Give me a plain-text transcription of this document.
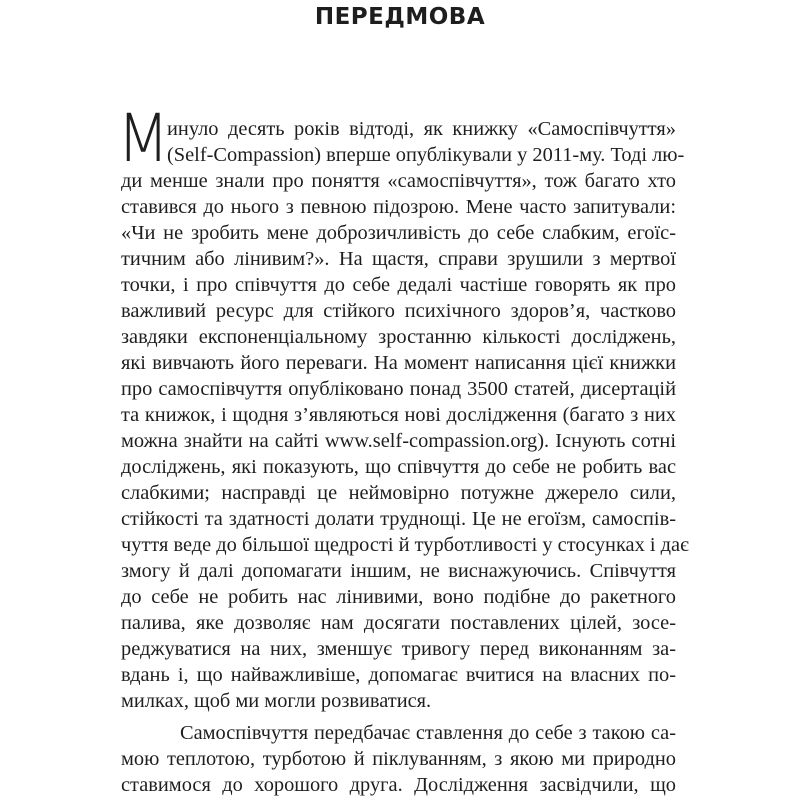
ПЕРЕДМОВА
М
инуло десять років відтоді, як книжку «Самоспівчуття»
(Self-Compassion) вперше опублікували у 2011-му. Тоді лю-
ди менше знали про поняття «самоспівчуття», тож багато хто
ставився до нього з певною підозрою. Мене часто запитували:
«Чи не зробить мене доброзичливість до себе слабким, егоїс-
тичним або лінивим?». На щастя, справи зрушили з мертвої
точки, і про співчуття до себе дедалі частіше говорять як про
важливий ресурс для стійкого психічного здоров’я, частково
завдяки експоненціальному зростанню кількості досліджень,
які вивчають його переваги. На момент написання цієї книжки
про самоспівчуття опубліковано понад 3500 статей, дисертацій
та книжок, і щодня з’являються нові дослідження (багато з них
можна знайти на сайті www.self-compassion.org). Існують сотні
досліджень, які показують, що співчуття до себе не робить вас
слабкими; насправді це неймовірно потужне джерело сили,
стійкості та здатності долати труднощі. Це не егоїзм, самоспів-
чуття веде до більшої щедрості й турботливості у стосунках і дає
змогу й далі допомагати іншим, не виснажуючись. Співчуття
до себе не робить нас лінивими, воно подібне до ракетного
палива, яке дозволяє нам досягати поставлених цілей, зосе-
реджуватися на них, зменшує тривогу перед виконанням за-
вдань і, що найважливіше, допомагає вчитися на власних по-
милках, щоб ми могли розвиватися.
Самоспівчуття передбачає ставлення до себе з такою са-
мою теплотою, турботою й піклуванням, з якою ми природно
ставимося до хорошого друга. Дослідження засвідчили, що
